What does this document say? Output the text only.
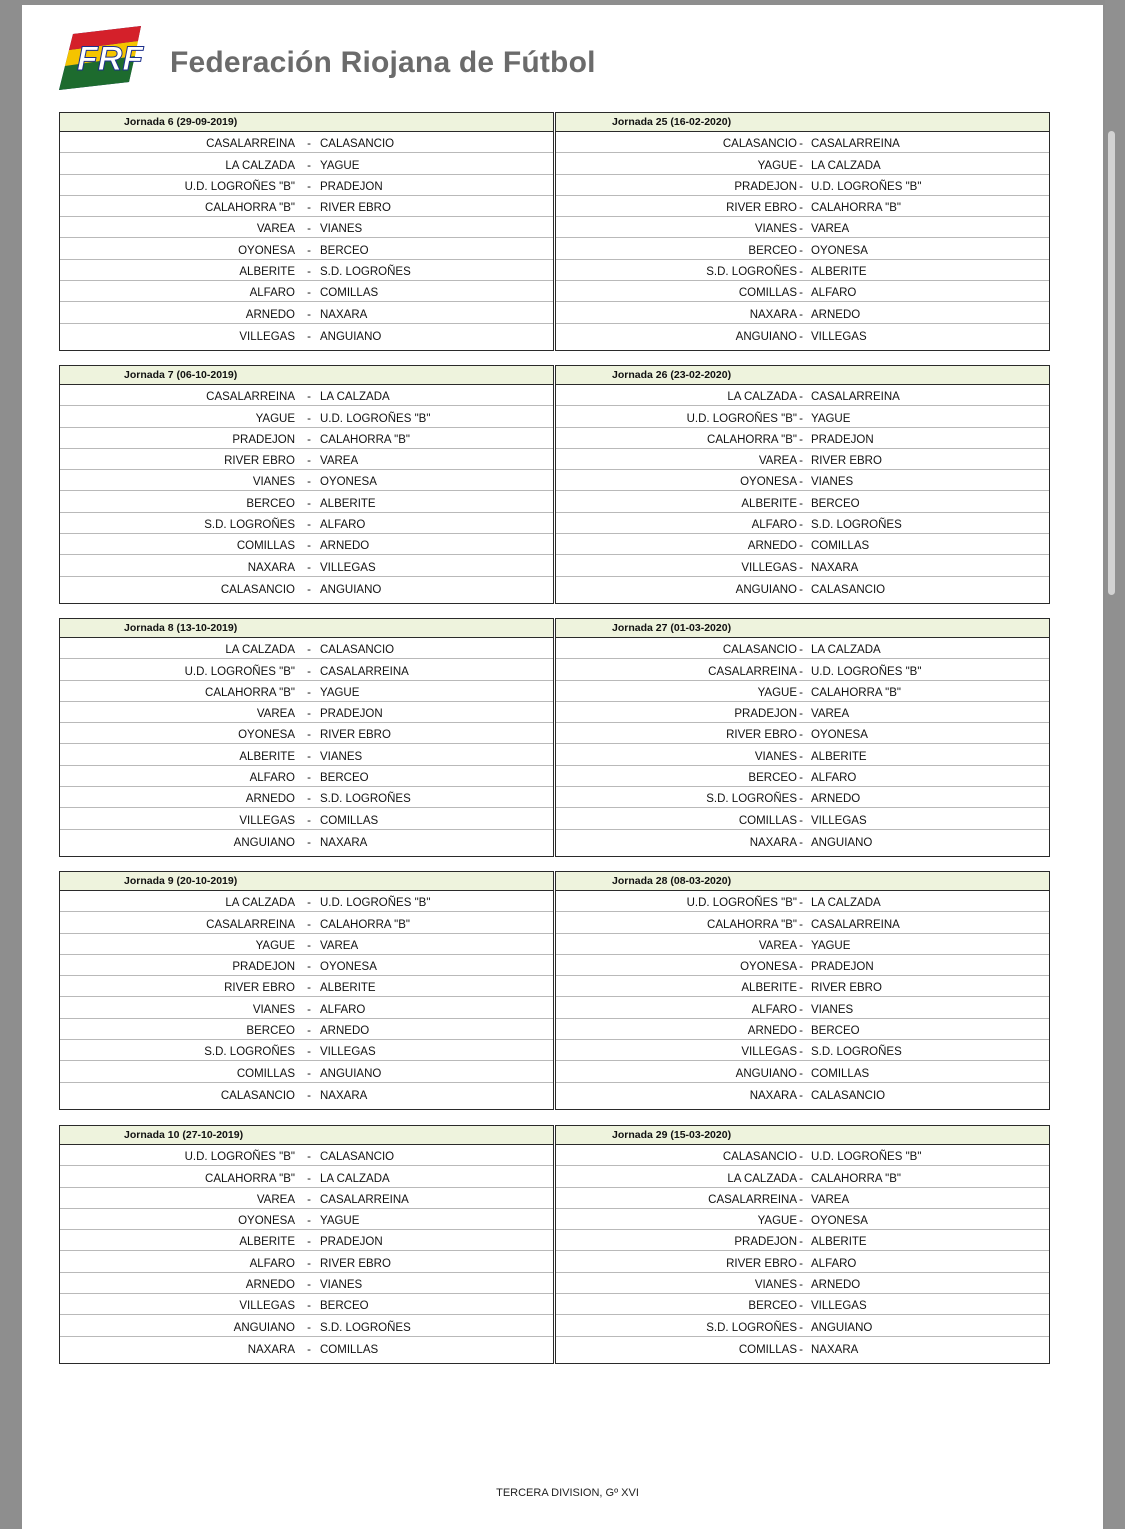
FRF Federación Riojana de Fútbol
Jornada 6 (29-09-2019)
CASALARREINA - CALASANCIO
LA CALZADA - YAGUE
U.D. LOGROÑES "B" - PRADEJON
CALAHORRA "B" - RIVER EBRO
VAREA - VIANES
OYONESA - BERCEO
ALBERITE - S.D. LOGROÑES
ALFARO - COMILLAS
ARNEDO - NAXARA
VILLEGAS - ANGUIANO
Jornada 25 (16-02-2020)
CALASANCIO - CASALARREINA
YAGUE - LA CALZADA
PRADEJON - U.D. LOGROÑES "B"
RIVER EBRO - CALAHORRA "B"
VIANES - VAREA
BERCEO - OYONESA
S.D. LOGROÑES - ALBERITE
COMILLAS - ALFARO
NAXARA - ARNEDO
ANGUIANO - VILLEGAS
Jornada 7 (06-10-2019)
CASALARREINA - LA CALZADA
YAGUE - U.D. LOGROÑES "B"
PRADEJON - CALAHORRA "B"
RIVER EBRO - VAREA
VIANES - OYONESA
BERCEO - ALBERITE
S.D. LOGROÑES - ALFARO
COMILLAS - ARNEDO
NAXARA - VILLEGAS
CALASANCIO - ANGUIANO
Jornada 26 (23-02-2020)
LA CALZADA - CASALARREINA
U.D. LOGROÑES "B" - YAGUE
CALAHORRA "B" - PRADEJON
VAREA - RIVER EBRO
OYONESA - VIANES
ALBERITE - BERCEO
ALFARO - S.D. LOGROÑES
ARNEDO - COMILLAS
VILLEGAS - NAXARA
ANGUIANO - CALASANCIO
Jornada 8 (13-10-2019)
LA CALZADA - CALASANCIO
U.D. LOGROÑES "B" - CASALARREINA
CALAHORRA "B" - YAGUE
VAREA - PRADEJON
OYONESA - RIVER EBRO
ALBERITE - VIANES
ALFARO - BERCEO
ARNEDO - S.D. LOGROÑES
VILLEGAS - COMILLAS
ANGUIANO - NAXARA
Jornada 27 (01-03-2020)
CALASANCIO - LA CALZADA
CASALARREINA - U.D. LOGROÑES "B"
YAGUE - CALAHORRA "B"
PRADEJON - VAREA
RIVER EBRO - OYONESA
VIANES - ALBERITE
BERCEO - ALFARO
S.D. LOGROÑES - ARNEDO
COMILLAS - VILLEGAS
NAXARA - ANGUIANO
Jornada 9 (20-10-2019)
LA CALZADA - U.D. LOGROÑES "B"
CASALARREINA - CALAHORRA "B"
YAGUE - VAREA
PRADEJON - OYONESA
RIVER EBRO - ALBERITE
VIANES - ALFARO
BERCEO - ARNEDO
S.D. LOGROÑES - VILLEGAS
COMILLAS - ANGUIANO
CALASANCIO - NAXARA
Jornada 28 (08-03-2020)
U.D. LOGROÑES "B" - LA CALZADA
CALAHORRA "B" - CASALARREINA
VAREA - YAGUE
OYONESA - PRADEJON
ALBERITE - RIVER EBRO
ALFARO - VIANES
ARNEDO - BERCEO
VILLEGAS - S.D. LOGROÑES
ANGUIANO - COMILLAS
NAXARA - CALASANCIO
Jornada 10 (27-10-2019)
U.D. LOGROÑES "B" - CALASANCIO
CALAHORRA "B" - LA CALZADA
VAREA - CASALARREINA
OYONESA - YAGUE
ALBERITE - PRADEJON
ALFARO - RIVER EBRO
ARNEDO - VIANES
VILLEGAS - BERCEO
ANGUIANO - S.D. LOGROÑES
NAXARA - COMILLAS
Jornada 29 (15-03-2020)
CALASANCIO - U.D. LOGROÑES "B"
LA CALZADA - CALAHORRA "B"
CASALARREINA - VAREA
YAGUE - OYONESA
PRADEJON - ALBERITE
RIVER EBRO - ALFARO
VIANES - ARNEDO
BERCEO - VILLEGAS
S.D. LOGROÑES - ANGUIANO
COMILLAS - NAXARA
TERCERA DIVISION, Gº XVI
